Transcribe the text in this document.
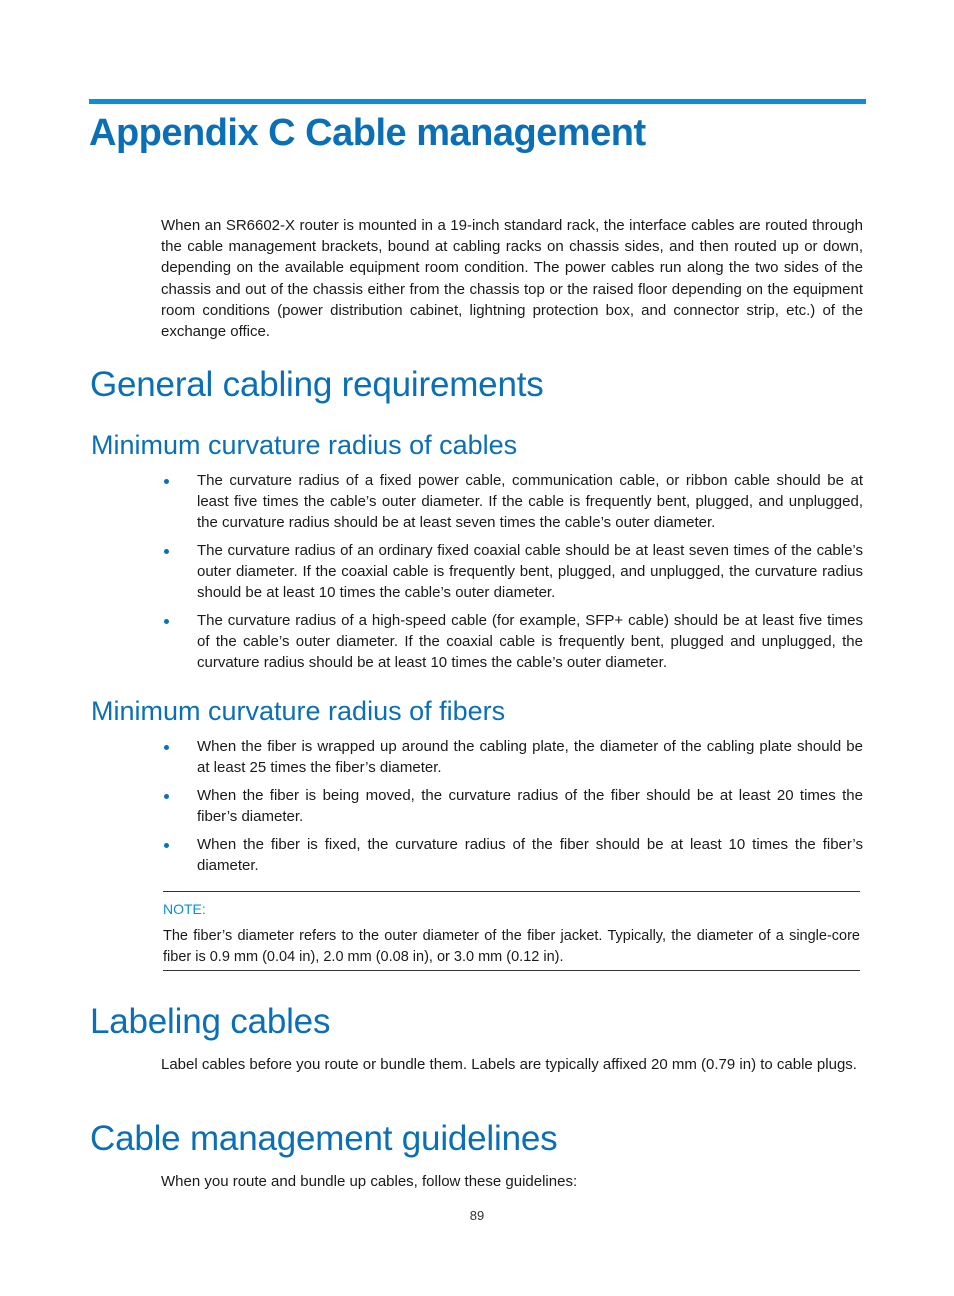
Appendix C Cable management

When an SR6602-X router is mounted in a 19-inch standard rack, the interface cables are routed through the cable management brackets, bound at cabling racks on chassis sides, and then routed up or down, depending on the available equipment room condition. The power cables run along the two sides of the chassis and out of the chassis either from the chassis top or the raised floor depending on the equipment room conditions (power distribution cabinet, lightning protection box, and connector strip, etc.) of the exchange office.

General cabling requirements
Minimum curvature radius of cables
The curvature radius of a fixed power cable, communication cable, or ribbon cable should be at least five times the cable’s outer diameter. If the cable is frequently bent, plugged, and unplugged, the curvature radius should be at least seven times the cable’s outer diameter.
The curvature radius of an ordinary fixed coaxial cable should be at least seven times of the cable’s outer diameter. If the coaxial cable is frequently bent, plugged, and unplugged, the curvature radius should be at least 10 times the cable’s outer diameter.
The curvature radius of a high-speed cable (for example, SFP+ cable) should be at least five times of the cable’s outer diameter. If the coaxial cable is frequently bent, plugged and unplugged, the curvature radius should be at least 10 times the cable’s outer diameter.
Minimum curvature radius of fibers
When the fiber is wrapped up around the cabling plate, the diameter of the cabling plate should be at least 25 times the fiber’s diameter.
When the fiber is being moved, the curvature radius of the fiber should be at least 20 times the fiber’s diameter.
When the fiber is fixed, the curvature radius of the fiber should be at least 10 times the fiber’s diameter.
NOTE:
The fiber’s diameter refers to the outer diameter of the fiber jacket. Typically, the diameter of a single-core fiber is 0.9 mm (0.04 in), 2.0 mm (0.08 in), or 3.0 mm (0.12 in).
Labeling cables

Label cables before you route or bundle them. Labels are typically affixed 20 mm (0.79 in) to cable plugs.

Cable management guidelines

When you route and bundle up cables, follow these guidelines:

89
